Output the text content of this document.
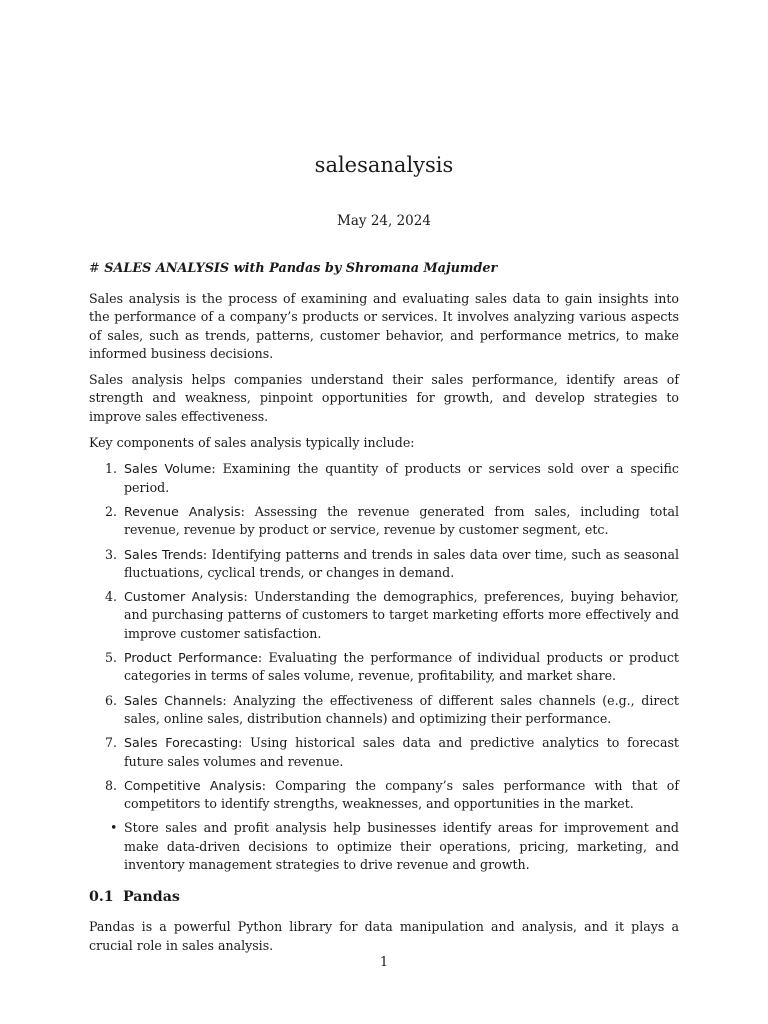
salesanalysis
May 24, 2024
# SALES ANALYSIS with Pandas by Shromana Majumder

Sales analysis is the process of examining and evaluating sales data to gain insights into the performance of a company’s products or services. It involves analyzing various aspects of sales, such as trends, patterns, customer behavior, and performance metrics, to make informed business decisions.

Sales analysis helps companies understand their sales performance, identify areas of strength and weakness, pinpoint opportunities for growth, and develop strategies to improve sales effectiveness.

Key components of sales analysis typically include:

1. Sales Volume: Examining the quantity of products or services sold over a specific period.
2. Revenue Analysis: Assessing the revenue generated from sales, including total revenue, revenue by product or service, revenue by customer segment, etc.
3. Sales Trends: Identifying patterns and trends in sales data over time, such as seasonal fluctuations, cyclical trends, or changes in demand.
4. Customer Analysis: Understanding the demographics, preferences, buying behavior, and purchasing patterns of customers to target marketing efforts more effectively and improve customer satisfaction.
5. Product Performance: Evaluating the performance of individual products or product categories in terms of sales volume, revenue, profitability, and market share.
6. Sales Channels: Analyzing the effectiveness of different sales channels (e.g., direct sales, online sales, distribution channels) and optimizing their performance.
7. Sales Forecasting: Using historical sales data and predictive analytics to forecast future sales volumes and revenue.
8. Competitive Analysis: Comparing the company’s sales performance with that of competitors to identify strengths, weaknesses, and opportunities in the market.
• Store sales and profit analysis help businesses identify areas for improvement and make data-driven decisions to optimize their operations, pricing, marketing, and inventory management strategies to drive revenue and growth.
0.1 Pandas

Pandas is a powerful Python library for data manipulation and analysis, and it plays a crucial role in sales analysis.

1
